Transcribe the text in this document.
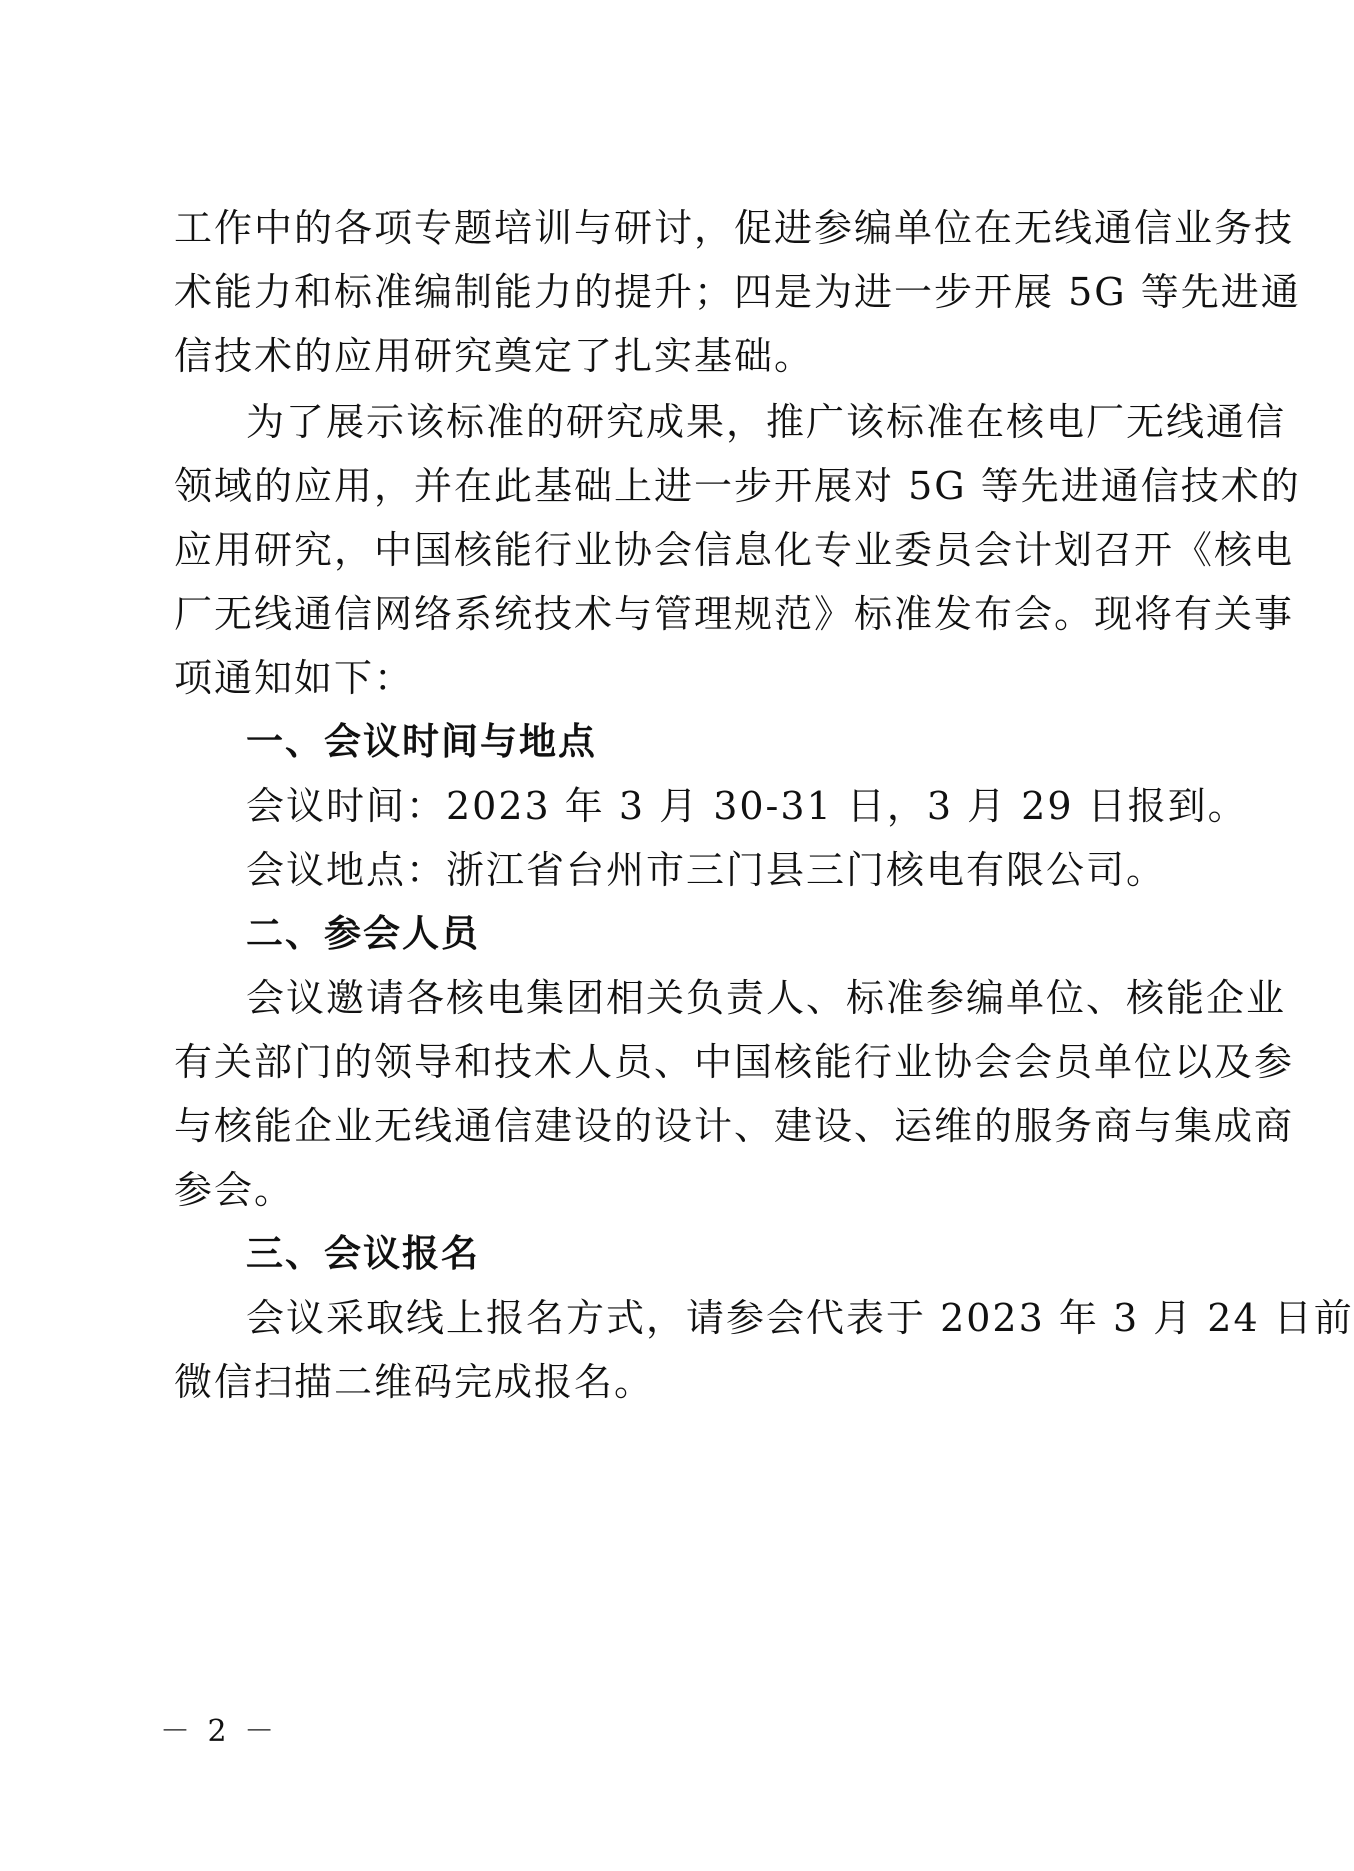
工作中的各项专题培训与研讨，促进参编单位在无线通信业务技
术能力和标准编制能力的提升；四是为进一步开展 5G 等先进通
信技术的应用研究奠定了扎实基础。
为了展示该标准的研究成果，推广该标准在核电厂无线通信
领域的应用，并在此基础上进一步开展对 5G 等先进通信技术的
应用研究，中国核能行业协会信息化专业委员会计划召开《核电
厂无线通信网络系统技术与管理规范》标准发布会。现将有关事
项通知如下：
一、会议时间与地点
会议时间：2023 年 3 月 30-31 日，3 月 29 日报到。
会议地点：浙江省台州市三门县三门核电有限公司。
二、参会人员
会议邀请各核电集团相关负责人、标准参编单位、核能企业
有关部门的领导和技术人员、中国核能行业协会会员单位以及参
与核能企业无线通信建设的设计、建设、运维的服务商与集成商
参会。
三、会议报名
会议采取线上报名方式，请参会代表于 2023 年 3 月 24 日前
微信扫描二维码完成报名。
－ 2 －
